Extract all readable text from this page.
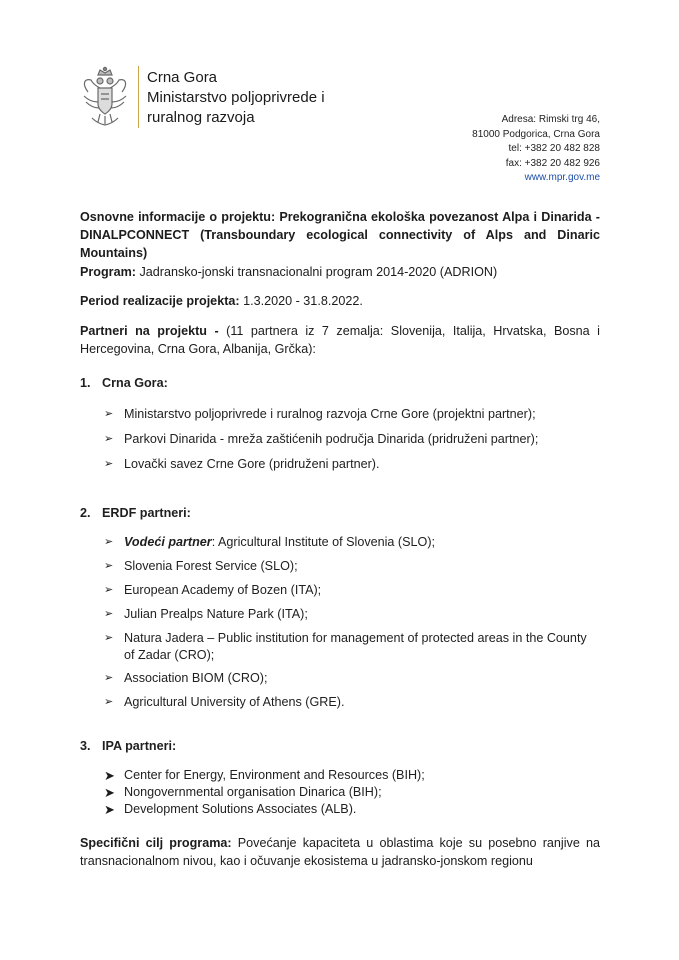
Crna Gora
Ministarstvo poljoprivrede i
ruralnog razvoja	Adresa: Rimski trg 46,
81000 Podgorica, Crna Gora
tel: +382 20 482 828
fax: +382 20 482 926
www.mpr.gov.me
Osnovne informacije o projektu: Prekogranična ekološka povezanost Alpa i Dinarida - DINALPCONNECT (Transboundary ecological connectivity of Alps and Dinaric Mountains)
Program: Jadransko-jonski transnacionalni program 2014-2020 (ADRION)
Period realizacije projekta: 1.3.2020 - 31.8.2022.
Partneri na projektu - (11 partnera iz 7 zemalja: Slovenija, Italija, Hrvatska, Bosna i Hercegovina, Crna Gora, Albanija, Grčka):
1. Crna Gora:
➢ Ministarstvo poljoprivrede i ruralnog razvoja Crne Gore (projektni partner);
➢ Parkovi Dinarida - mreža zaštićenih područja Dinarida (pridruženi partner);
➢ Lovački savez Crne Gore (pridruženi partner).
2. ERDF partneri:
➢ Vodeći partner: Agricultural Institute of Slovenia (SLO);
➢ Slovenia Forest Service (SLO);
➢ European Academy of Bozen (ITA);
➢ Julian Prealps Nature Park (ITA);
➢ Natura Jadera – Public institution for management of protected areas in the County of Zadar (CRO);
➢ Association BIOM (CRO);
➢ Agricultural University of Athens (GRE).
3. IPA partneri:
➤ Center for Energy, Environment and Resources (BIH);
➤ Nongovernmental organisation Dinarica (BIH);
➤ Development Solutions Associates (ALB).
Specifični cilj programa: Povećanje kapaciteta u oblastima koje su posebno ranjive na transnacionalnom nivou, kao i očuvanje ekosistema u jadransko-jonskom regionu
